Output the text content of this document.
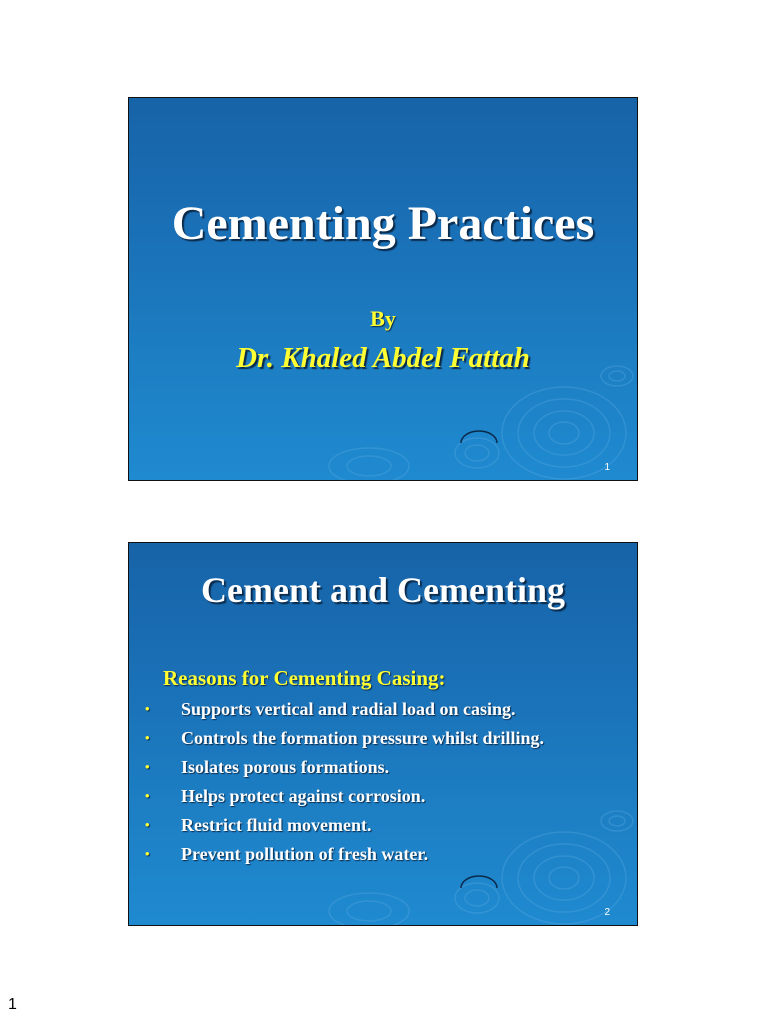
Cementing Practices
By
Dr. Khaled Abdel Fattah
1
Cement and Cementing
Reasons for Cementing Casing:
• Supports vertical and radial load on casing.
• Controls the formation pressure whilst drilling.
• Isolates porous formations.
• Helps protect against corrosion.
• Restrict fluid movement.
• Prevent pollution of fresh water.
2
1
